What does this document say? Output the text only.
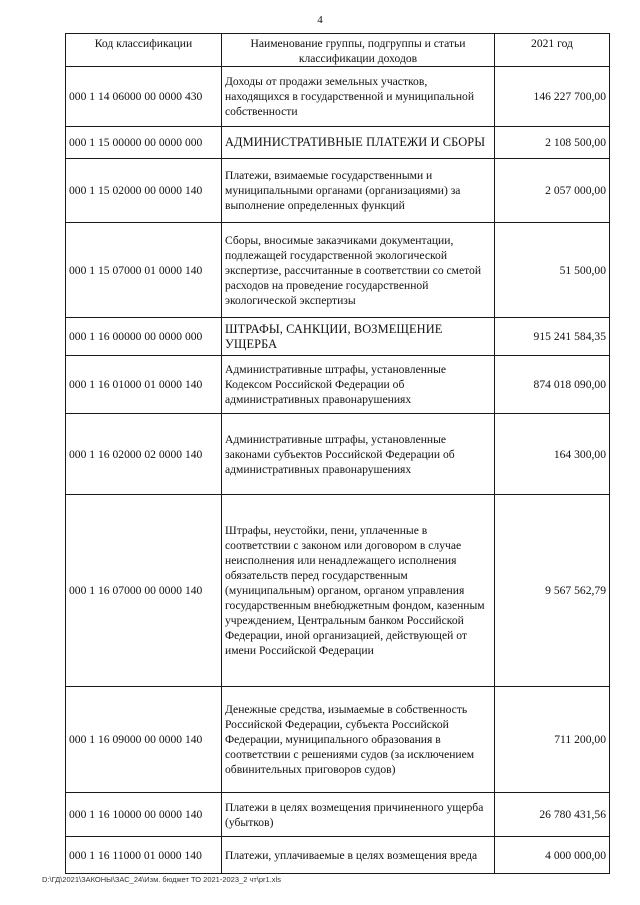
4
Код классификации	Наименование группы, подгруппы и статьи классификации доходов	2021 год
000 1 14 06000 00 0000 430	Доходы от продажи земельных участков, находящихся в государственной и муниципальной собственности	146 227 700,00
000 1 15 00000 00 0000 000	АДМИНИСТРАТИВНЫЕ ПЛАТЕЖИ И СБОРЫ	2 108 500,00
000 1 15 02000 00 0000 140	Платежи, взимаемые государственными и муниципальными органами (организациями) за выполнение определенных функций	2 057 000,00
000 1 15 07000 01 0000 140	Сборы, вносимые заказчиками документации, подлежащей государственной экологической экспертизе, рассчитанные в соответствии со сметой расходов на проведение государственной экологической экспертизы	51 500,00
000 1 16 00000 00 0000 000	ШТРАФЫ, САНКЦИИ, ВОЗМЕЩЕНИЕ УЩЕРБА	915 241 584,35
000 1 16 01000 01 0000 140	Административные штрафы, установленные Кодексом Российской Федерации об административных правонарушениях	874 018 090,00
000 1 16 02000 02 0000 140	Административные штрафы, установленные законами субъектов Российской Федерации об административных правонарушениях	164 300,00
000 1 16 07000 00 0000 140	Штрафы, неустойки, пени, уплаченные в соответствии с законом или договором в случае неисполнения или ненадлежащего исполнения обязательств перед государственным (муниципальным) органом, органом управления государственным внебюджетным фондом, казенным учреждением, Центральным банком Российской Федерации, иной организацией, действующей от имени Российской Федерации	9 567 562,79
000 1 16 09000 00 0000 140	Денежные средства, изымаемые в собственность Российской Федерации, субъекта Российской Федерации, муниципального образования в соответствии с решениями судов (за исключением обвинительных приговоров судов)	711 200,00
000 1 16 10000 00 0000 140	Платежи в целях возмещения причиненного ущерба (убытков)	26 780 431,56
000 1 16 11000 01 0000 140	Платежи, уплачиваемые в целях возмещения вреда	4 000 000,00
D:\ГД\2021\ЗАКОНЫ\ЗАС_24\Изм. бюджет ТО 2021-2023_2 чт\pr1.xls
